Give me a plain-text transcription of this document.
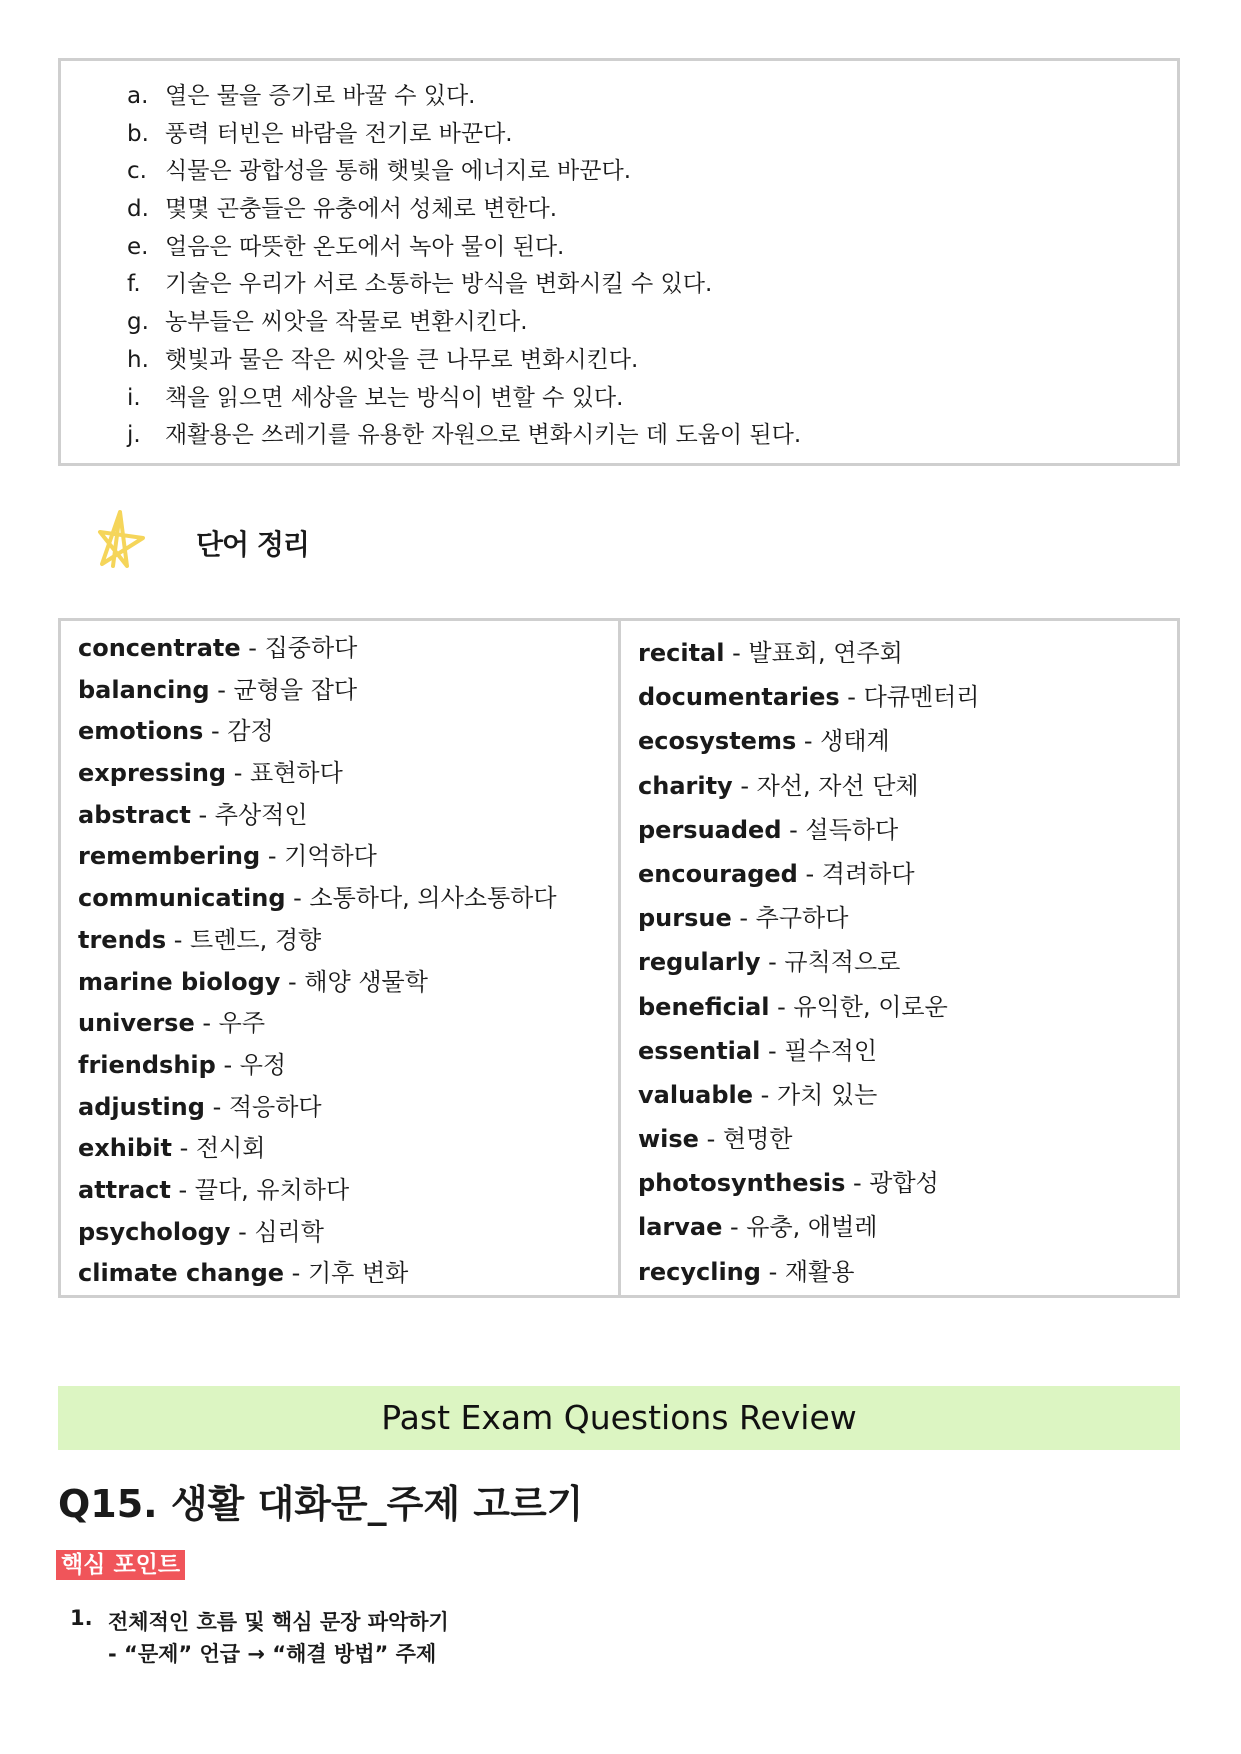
a. 열은 물을 증기로 바꿀 수 있다.
b. 풍력 터빈은 바람을 전기로 바꾼다.
c. 식물은 광합성을 통해 햇빛을 에너지로 바꾼다.
d. 몇몇 곤충들은 유충에서 성체로 변한다.
e. 얼음은 따뜻한 온도에서 녹아 물이 된다.
f. 기술은 우리가 서로 소통하는 방식을 변화시킬 수 있다.
g. 농부들은 씨앗을 작물로 변환시킨다.
h. 햇빛과 물은 작은 씨앗을 큰 나무로 변화시킨다.
i. 책을 읽으면 세상을 보는 방식이 변할 수 있다.
j. 재활용은 쓰레기를 유용한 자원으로 변화시키는 데 도움이 된다.
단어 정리
concentrate - 집중하다
balancing - 균형을 잡다
emotions - 감정
expressing - 표현하다
abstract - 추상적인
remembering - 기억하다
communicating - 소통하다, 의사소통하다
trends - 트렌드, 경향
marine biology - 해양 생물학
universe - 우주
friendship - 우정
adjusting - 적응하다
exhibit - 전시회
attract - 끌다, 유치하다
psychology - 심리학
climate change - 기후 변화
recital - 발표회, 연주회
documentaries - 다큐멘터리
ecosystems - 생태계
charity - 자선, 자선 단체
persuaded - 설득하다
encouraged - 격려하다
pursue - 추구하다
regularly - 규칙적으로
beneficial - 유익한, 이로운
essential - 필수적인
valuable - 가치 있는
wise - 현명한
photosynthesis - 광합성
larvae - 유충, 애벌레
recycling - 재활용
Past Exam Questions Review
Q15. 생활 대화문_주제 고르기
핵심 포인트
1. 전체적인 흐름 및 핵심 문장 파악하기
- “문제” 언급 → “해결 방법” 주제
